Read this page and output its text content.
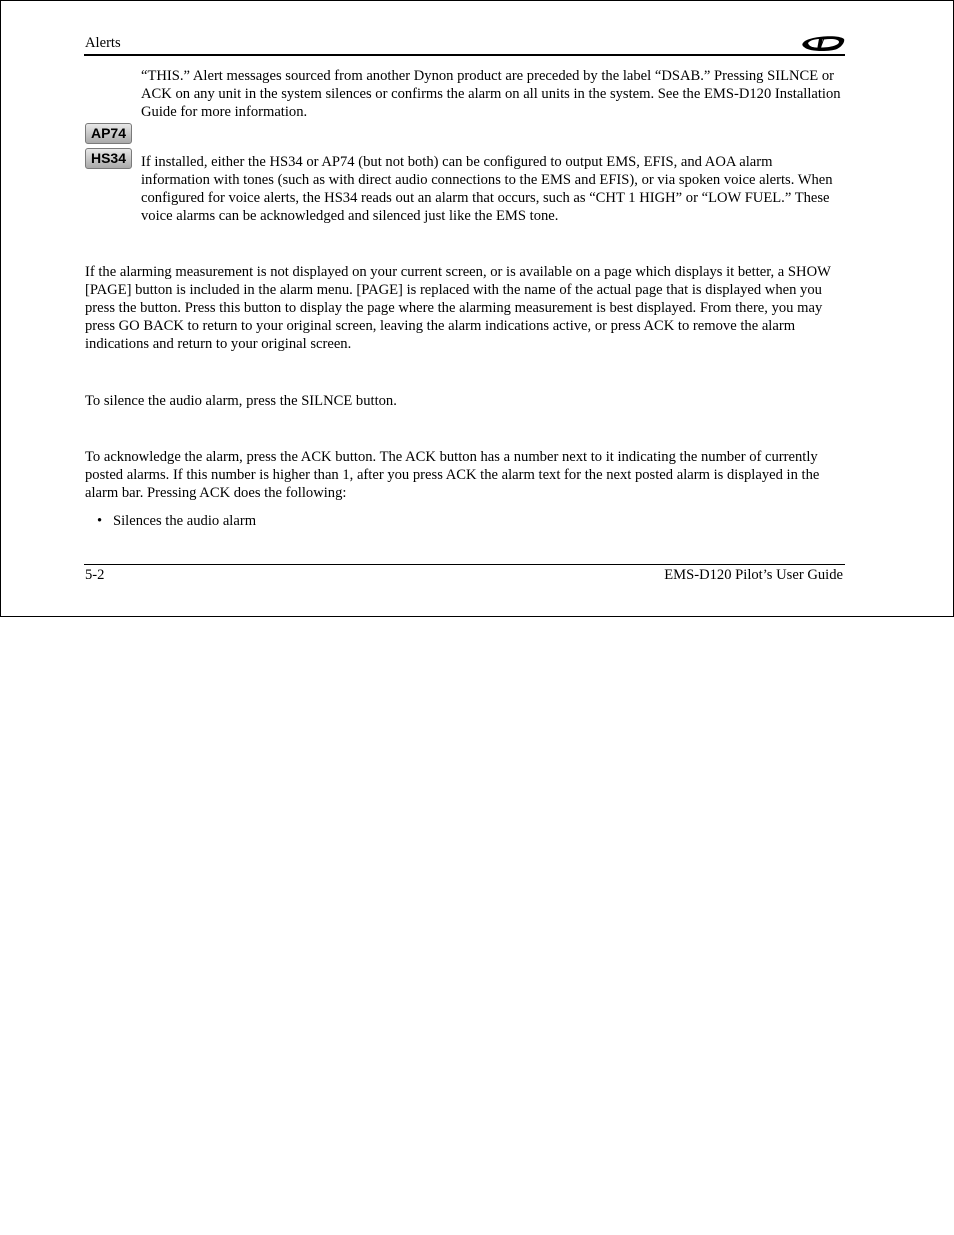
Alerts

“THIS.” Alert messages sourced from another Dynon product are preceded by the label “DSAB.” Pressing SILNCE or ACK on any unit in the system silences or confirms the alarm on all units in the system. See the EMS-D120 Installation Guide for more information.

AP74
HS34	If installed, either the HS34 or AP74 (but not both) can be configured to output EMS, EFIS, and AOA alarm information with tones (such as with direct audio connections to the EMS and EFIS), or via spoken voice alerts. When configured for voice alerts, the HS34 reads out an alarm that occurs, such as “CHT 1 HIGH” or “LOW FUEL.” These voice alarms can be acknowledged and silenced just like the EMS tone.

If the alarming measurement is not displayed on your current screen, or is available on a page which displays it better, a SHOW [PAGE] button is included in the alarm menu. [PAGE] is replaced with the name of the actual page that is displayed when you press the button. Press this button to display the page where the alarming measurement is best displayed. From there, you may press GO BACK to return to your original screen, leaving the alarm indications active, or press ACK to remove the alarm indications and return to your original screen.

To silence the audio alarm, press the SILNCE button.

To acknowledge the alarm, press the ACK button. The ACK button has a number next to it indicating the number of currently posted alarms. If this number is higher than 1, after you press ACK the alarm text for the next posted alarm is displayed in the alarm bar. Pressing ACK does the following:

• Silences the audio alarm
5-2	EMS-D120 Pilot’s User Guide
